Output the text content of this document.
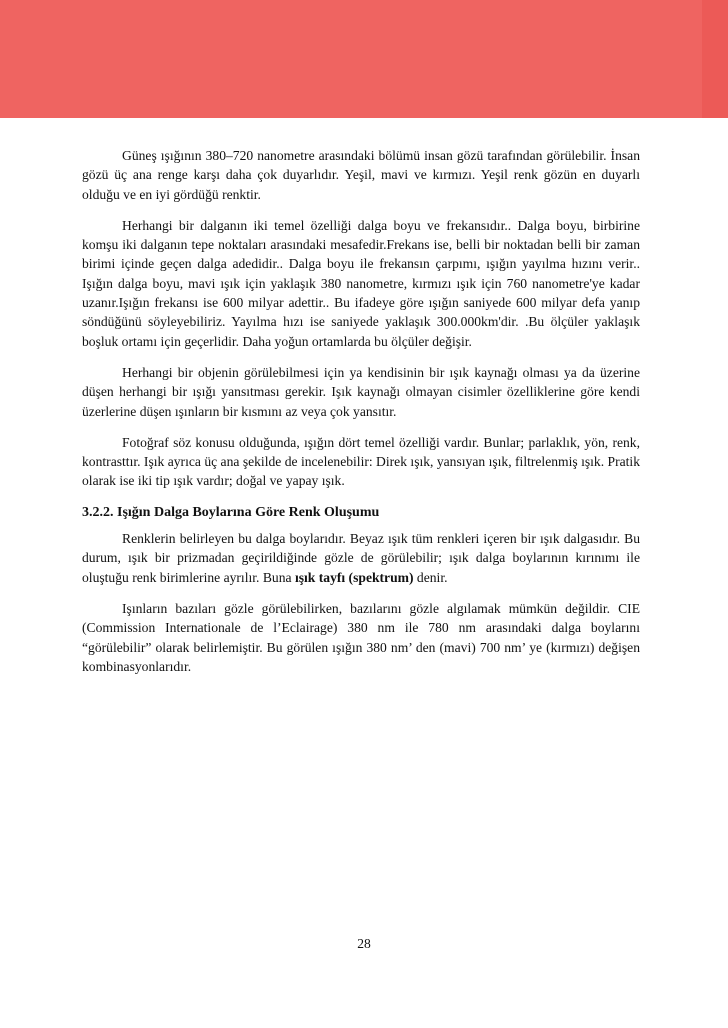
Güneş ışığının 380–720 nanometre arasındaki bölümü insan gözü tarafından görülebilir. İnsan gözü üç ana renge karşı daha çok duyarlıdır. Yeşil, mavi ve kırmızı. Yeşil renk gözün en duyarlı olduğu ve en iyi gördüğü renktir.

Herhangi bir dalganın iki temel özelliği dalga boyu ve frekansıdır.. Dalga boyu, birbirine komşu iki dalganın tepe noktaları arasındaki mesafedir.Frekans ise, belli bir noktadan belli bir zaman birimi içinde geçen dalga adedidir.. Dalga boyu ile frekansın çarpımı, ışığın yayılma hızını verir.. Işığın dalga boyu, mavi ışık için yaklaşık 380 nanometre, kırmızı ışık için 760 nanometre'ye kadar uzanır.Işığın frekansı ise 600 milyar adettir.. Bu ifadeye göre ışığın saniyede 600 milyar defa yanıp söndüğünü söyleyebiliriz. Yayılma hızı ise saniyede yaklaşık 300.000km'dir. .Bu ölçüler yaklaşık boşluk ortamı için geçerlidir. Daha yoğun ortamlarda bu ölçüler değişir.

Herhangi bir objenin görülebilmesi için ya kendisinin bir ışık kaynağı olması ya da üzerine düşen herhangi bir ışığı yansıtması gerekir. Işık kaynağı olmayan cisimler özelliklerine göre kendi üzerlerine düşen ışınların bir kısmını az veya çok yansıtır.

Fotoğraf söz konusu olduğunda, ışığın dört temel özelliği vardır. Bunlar; parlaklık, yön, renk, kontrasttır. Işık ayrıca üç ana şekilde de incelenebilir: Direk ışık, yansıyan ışık, filtrelenmiş ışık. Pratik olarak ise iki tip ışık vardır; doğal ve yapay ışık.

3.2.2. Işığın Dalga Boylarına Göre Renk Oluşumu

Renklerin belirleyen bu dalga boylarıdır. Beyaz ışık tüm renkleri içeren bir ışık dalgasıdır. Bu durum, ışık bir prizmadan geçirildiğinde gözle de görülebilir; ışık dalga boylarının kırınımı ile oluştuğu renk birimlerine ayrılır. Buna ışık tayfı (spektrum) denir.

Işınların bazıları gözle görülebilirken, bazılarını gözle algılamak mümkün değildir. CIE (Commission Internationale de l’Eclairage) 380 nm ile 780 nm arasındaki dalga boylarını “görülebilir” olarak belirlemiştir. Bu görülen ışığın 380 nm’ den (mavi) 700 nm’ ye (kırmızı) değişen kombinasyonlarıdır.

28
